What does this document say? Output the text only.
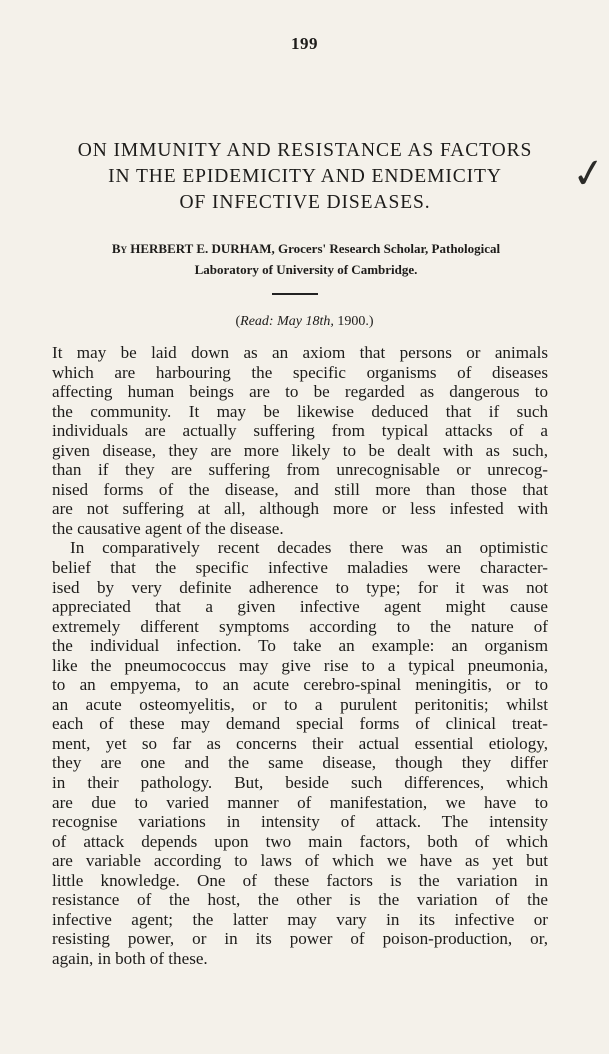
199
✓
ON IMMUNITY AND RESISTANCE AS FACTORS
IN THE EPIDEMICITY AND ENDEMICITY
OF INFECTIVE DISEASES.
By HERBERT E. DURHAM, Grocers' Research Scholar, Pathological
Laboratory of University of Cambridge.
(Read: May 18th, 1900.)
It may be laid down as an axiom that persons or animals
which are harbouring the specific organisms of diseases
affecting human beings are to be regarded as dangerous to
the community. It may be likewise deduced that if such
individuals are actually suffering from typical attacks of a
given disease, they are more likely to be dealt with as such,
than if they are suffering from unrecognisable or unrecog-
nised forms of the disease, and still more than those that
are not suffering at all, although more or less infested with
the causative agent of the disease.
In comparatively recent decades there was an optimistic
belief that the specific infective maladies were character-
ised by very definite adherence to type; for it was not
appreciated that a given infective agent might cause
extremely different symptoms according to the nature of
the individual infection. To take an example: an organism
like the pneumococcus may give rise to a typical pneumonia,
to an empyema, to an acute cerebro-spinal meningitis, or to
an acute osteomyelitis, or to a purulent peritonitis; whilst
each of these may demand special forms of clinical treat-
ment, yet so far as concerns their actual essential etiology,
they are one and the same disease, though they differ
in their pathology. But, beside such differences, which
are due to varied manner of manifestation, we have to
recognise variations in intensity of attack. The intensity
of attack depends upon two main factors, both of which
are variable according to laws of which we have as yet but
little knowledge. One of these factors is the variation in
resistance of the host, the other is the variation of the
infective agent; the latter may vary in its infective or
resisting power, or in its power of poison-production, or,
again, in both of these.
